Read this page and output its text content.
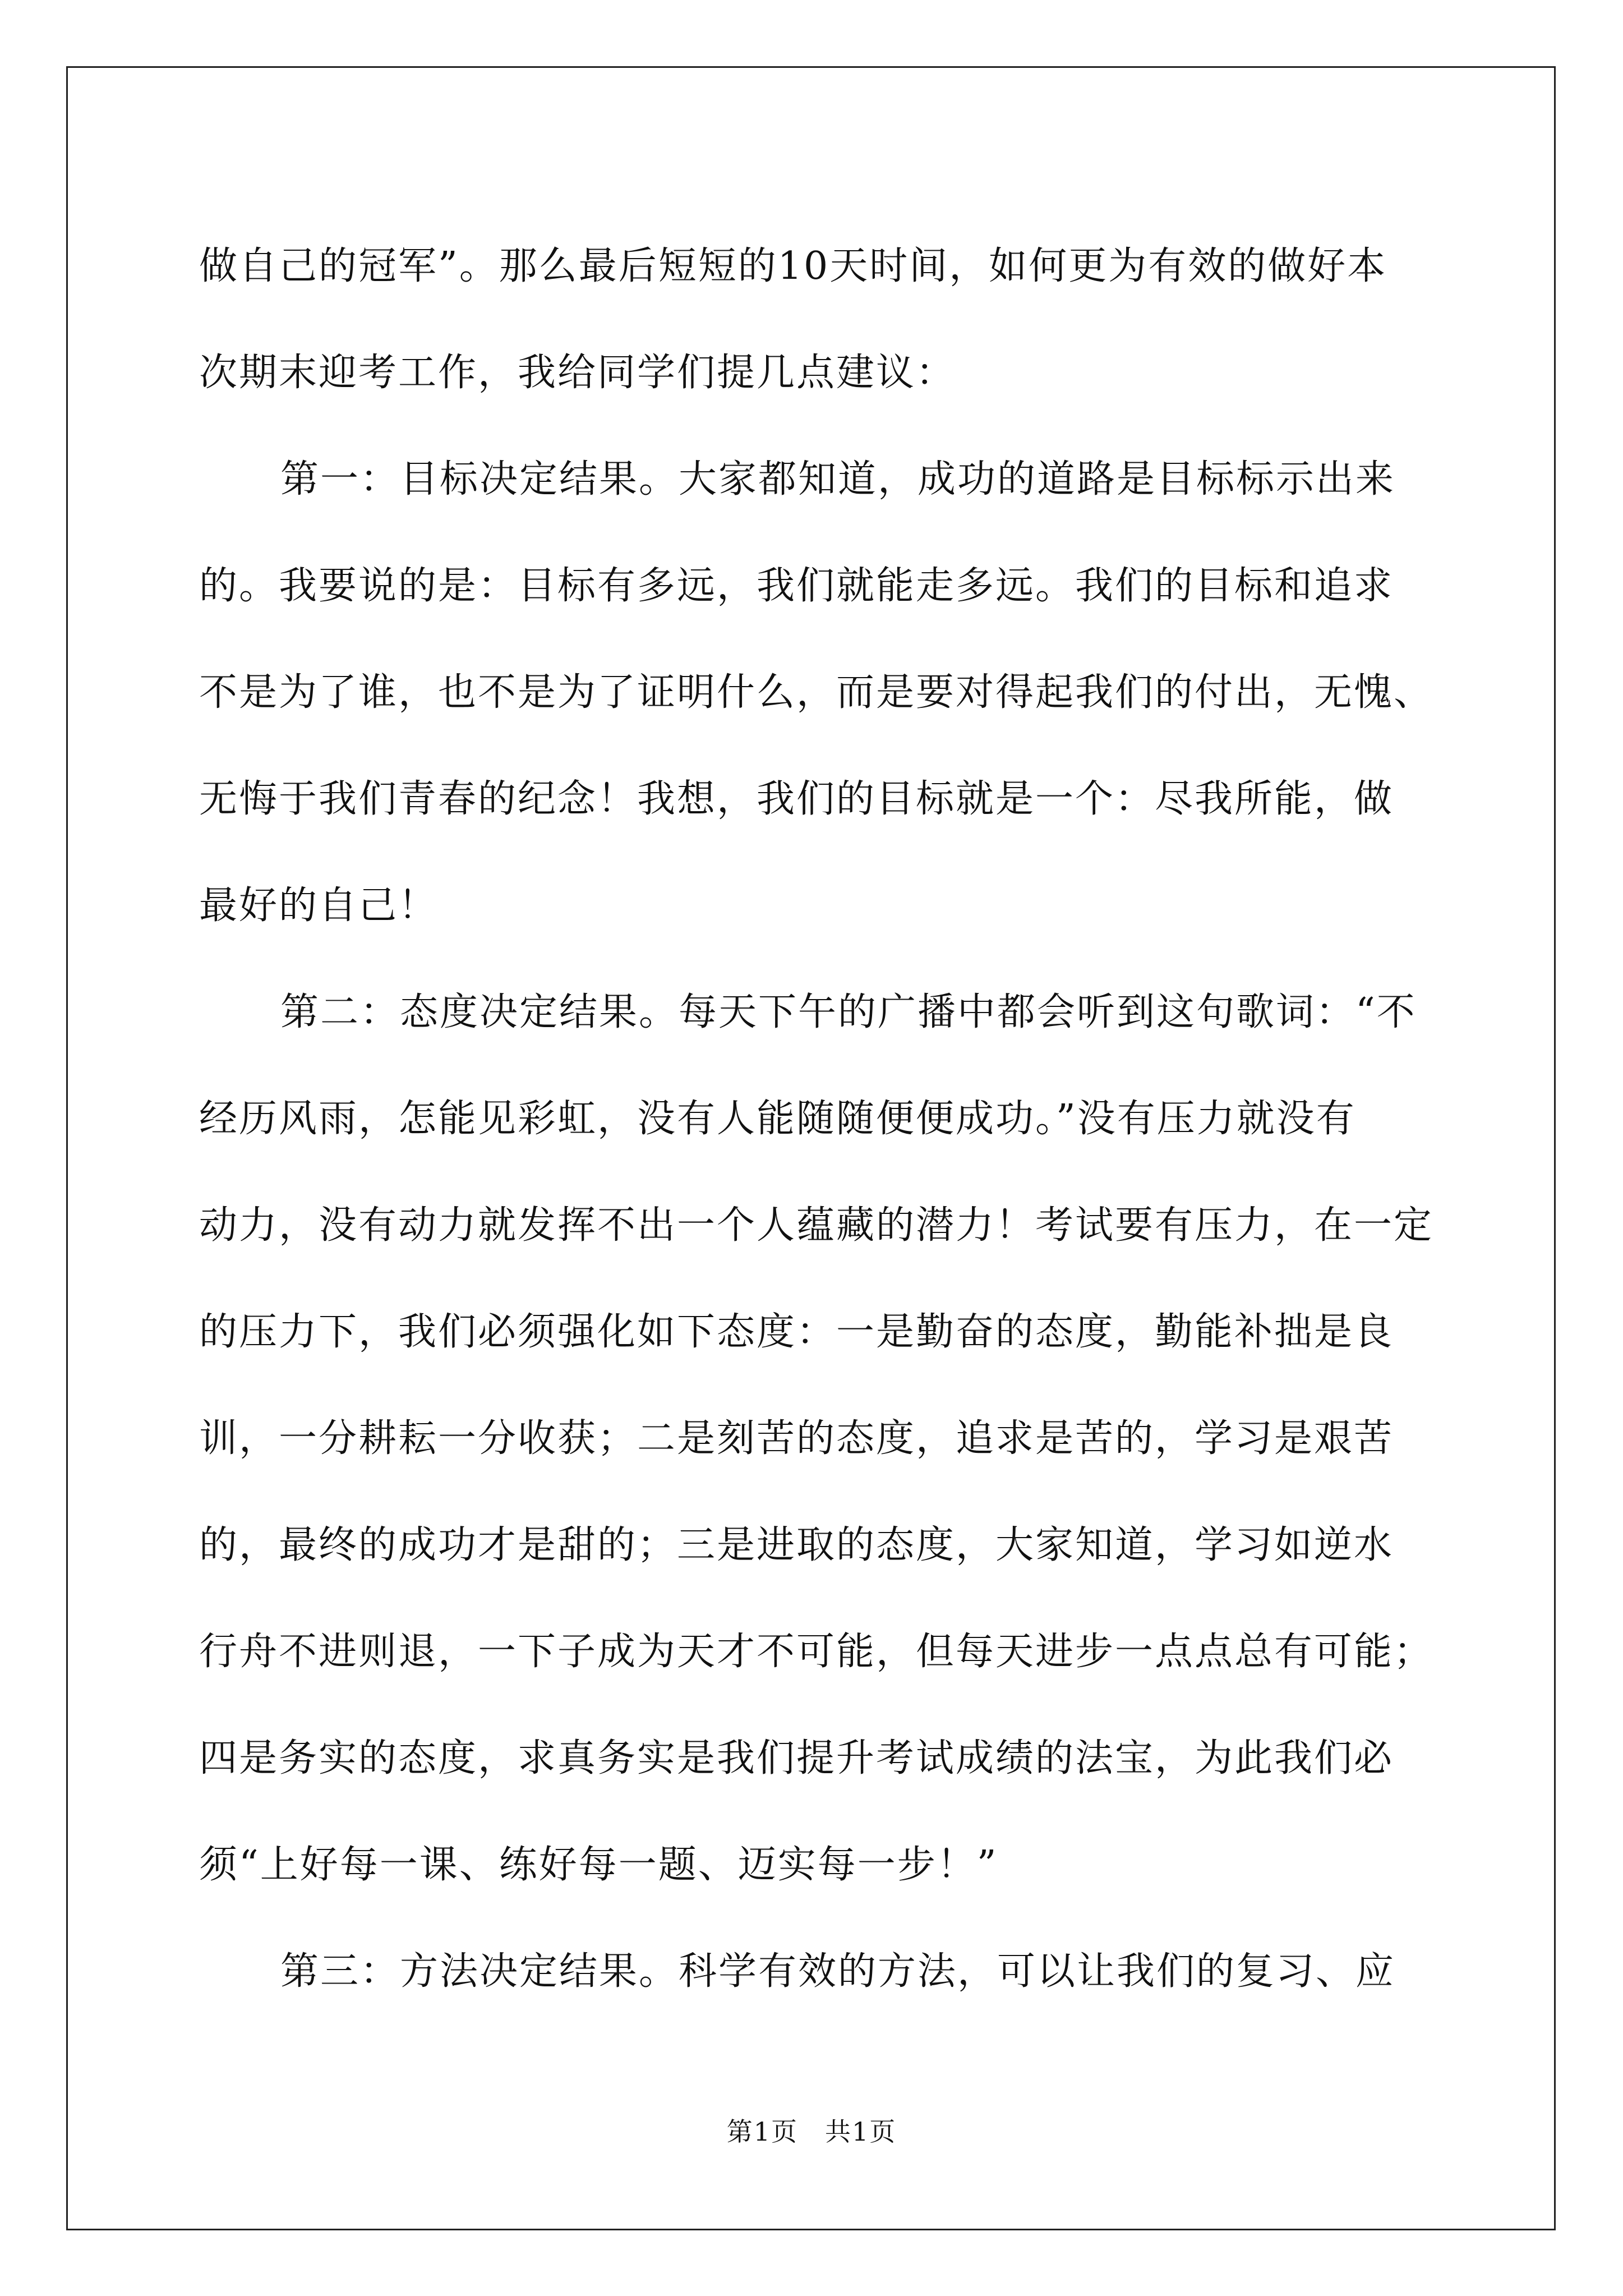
做自己的冠军”。那么最后短短的10天时间，如何更为有效的做好本
次期末迎考工作，我给同学们提几点建议：
第一：目标决定结果。大家都知道，成功的道路是目标标示出来
的。我要说的是：目标有多远，我们就能走多远。我们的目标和追求
不是为了谁，也不是为了证明什么，而是要对得起我们的付出，无愧、
无悔于我们青春的纪念！我想，我们的目标就是一个：尽我所能，做
最好的自己！
第二：态度决定结果。每天下午的广播中都会听到这句歌词：“不
经历风雨，怎能见彩虹，没有人能随随便便成功。”没有压力就没有
动力，没有动力就发挥不出一个人蕴藏的潜力！考试要有压力，在一定
的压力下，我们必须强化如下态度：一是勤奋的态度，勤能补拙是良
训，一分耕耘一分收获；二是刻苦的态度，追求是苦的，学习是艰苦
的，最终的成功才是甜的；三是进取的态度，大家知道，学习如逆水
行舟不进则退，一下子成为天才不可能，但每天进步一点点总有可能；
四是务实的态度，求真务实是我们提升考试成绩的法宝，为此我们必
须“上好每一课、练好每一题、迈实每一步！”
第三：方法决定结果。科学有效的方法，可以让我们的复习、应
第1页　共1页
